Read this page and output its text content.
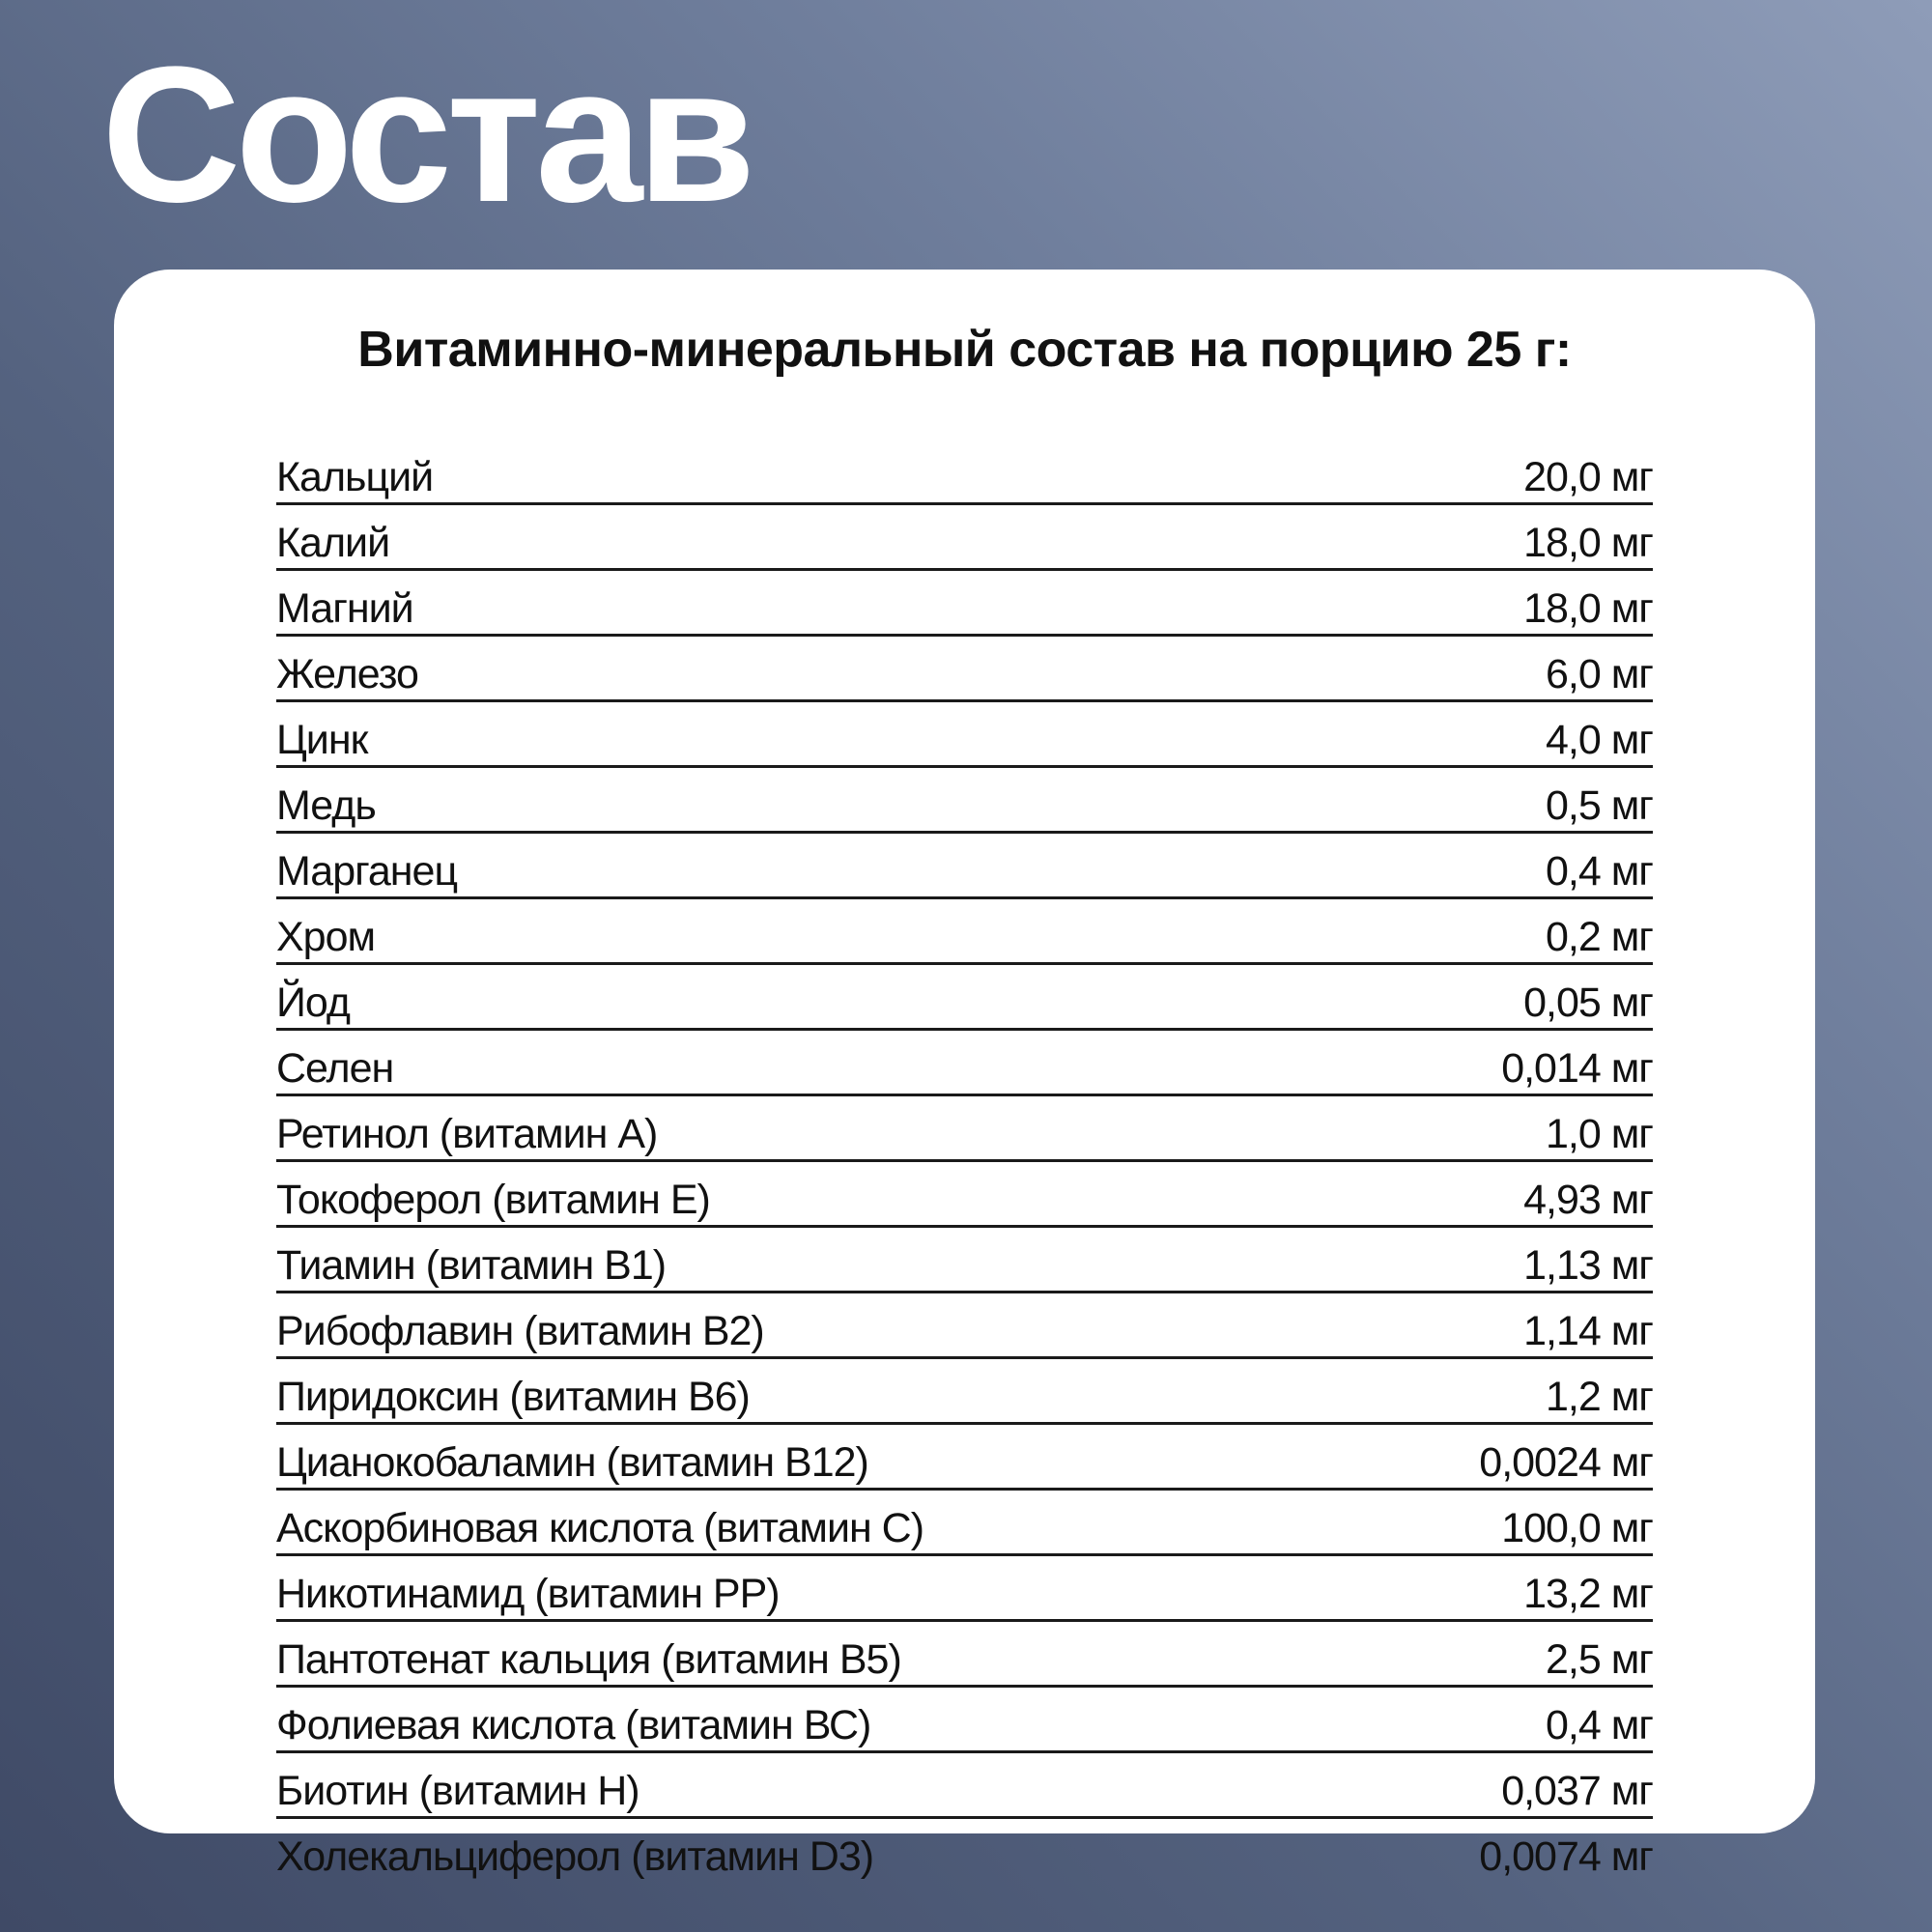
Состав
Витаминно-минеральный состав на порцию 25 г:
Кальций	20,0 мг
Калий	18,0 мг
Магний	18,0 мг
Железо	6,0 мг
Цинк	4,0 мг
Медь	0,5 мг
Марганец	0,4 мг
Хром	0,2 мг
Йод	0,05 мг
Селен	0,014 мг
Ретинол (витамин А)	1,0 мг
Токоферол (витамин Е)	4,93 мг
Тиамин (витамин В1)	1,13 мг
Рибофлавин (витамин В2)	1,14 мг
Пиридоксин (витамин В6)	1,2 мг
Цианокобаламин (витамин В12)	0,0024 мг
Аскорбиновая кислота (витамин С)	100,0 мг
Никотинамид (витамин РР)	13,2 мг
Пантотенат кальция (витамин В5)	2,5 мг
Фолиевая кислота (витамин ВС)	0,4 мг
Биотин (витамин Н)	0,037 мг
Холекальциферол (витамин D3)	0,0074 мг
